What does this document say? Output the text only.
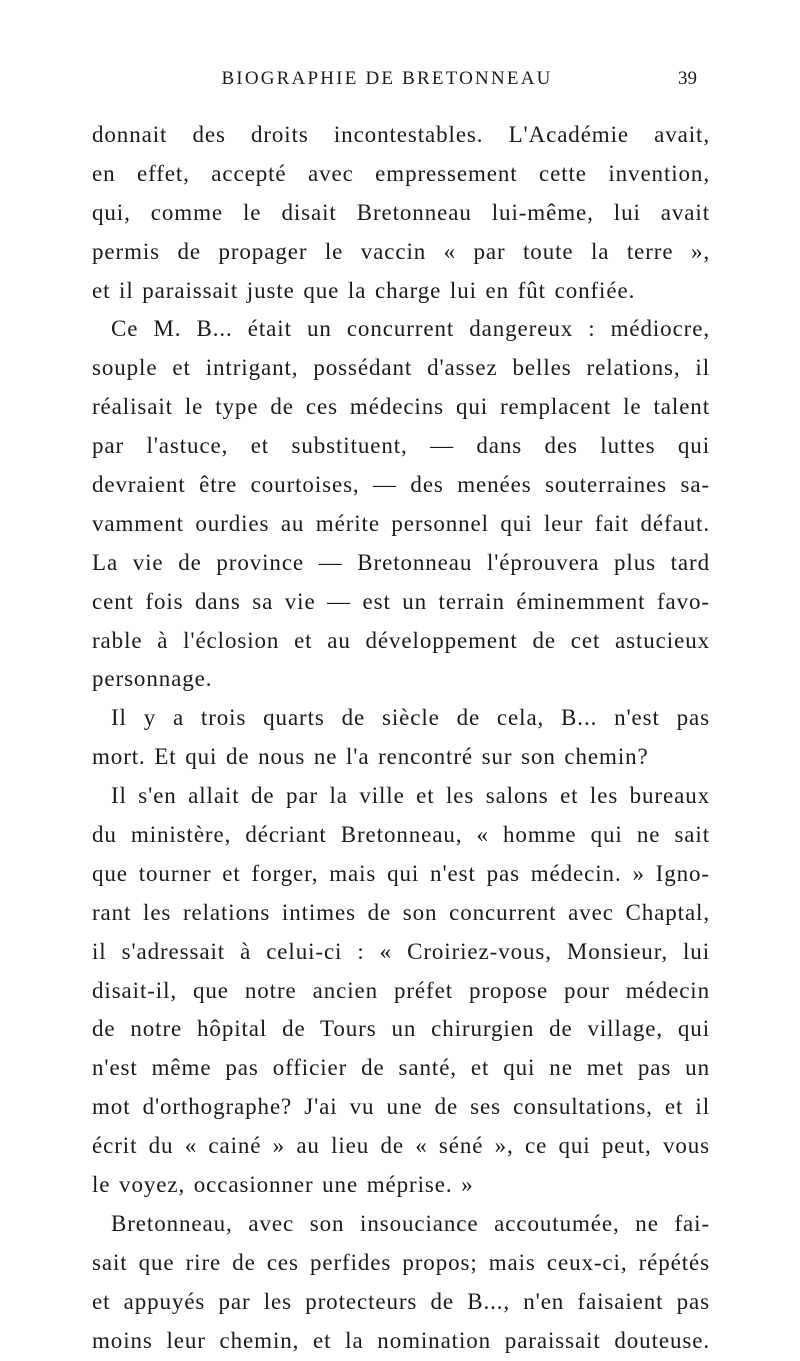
BIOGRAPHIE DE BRETONNEAU	39
donnait des droits incontestables. L'Académie avait,
en effet, accepté avec empressement cette invention,
qui, comme le disait Bretonneau lui-même, lui avait
permis de propager le vaccin « par toute la terre »,
et il paraissait juste que la charge lui en fût confiée.
Ce M. B... était un concurrent dangereux : médiocre,
souple et intrigant, possédant d'assez belles relations, il
réalisait le type de ces médecins qui remplacent le talent
par l'astuce, et substituent, — dans des luttes qui
devraient être courtoises, — des menées souterraines sa-
vamment ourdies au mérite personnel qui leur fait défaut.
La vie de province — Bretonneau l'éprouvera plus tard
cent fois dans sa vie — est un terrain éminemment favo-
rable à l'éclosion et au développement de cet astucieux
personnage.
Il y a trois quarts de siècle de cela, B... n'est pas
mort. Et qui de nous ne l'a rencontré sur son chemin?
Il s'en allait de par la ville et les salons et les bureaux
du ministère, décriant Bretonneau, « homme qui ne sait
que tourner et forger, mais qui n'est pas médecin. » Igno-
rant les relations intimes de son concurrent avec Chaptal,
il s'adressait à celui-ci : « Croiriez-vous, Monsieur, lui
disait-il, que notre ancien préfet propose pour médecin
de notre hôpital de Tours un chirurgien de village, qui
n'est même pas officier de santé, et qui ne met pas un
mot d'orthographe? J'ai vu une de ses consultations, et il
écrit du « cainé » au lieu de « séné », ce qui peut, vous
le voyez, occasionner une méprise. »
Bretonneau, avec son insouciance accoutumée, ne fai-
sait que rire de ces perfides propos; mais ceux-ci, répétés
et appuyés par les protecteurs de B..., n'en faisaient pas
moins leur chemin, et la nomination paraissait douteuse.
